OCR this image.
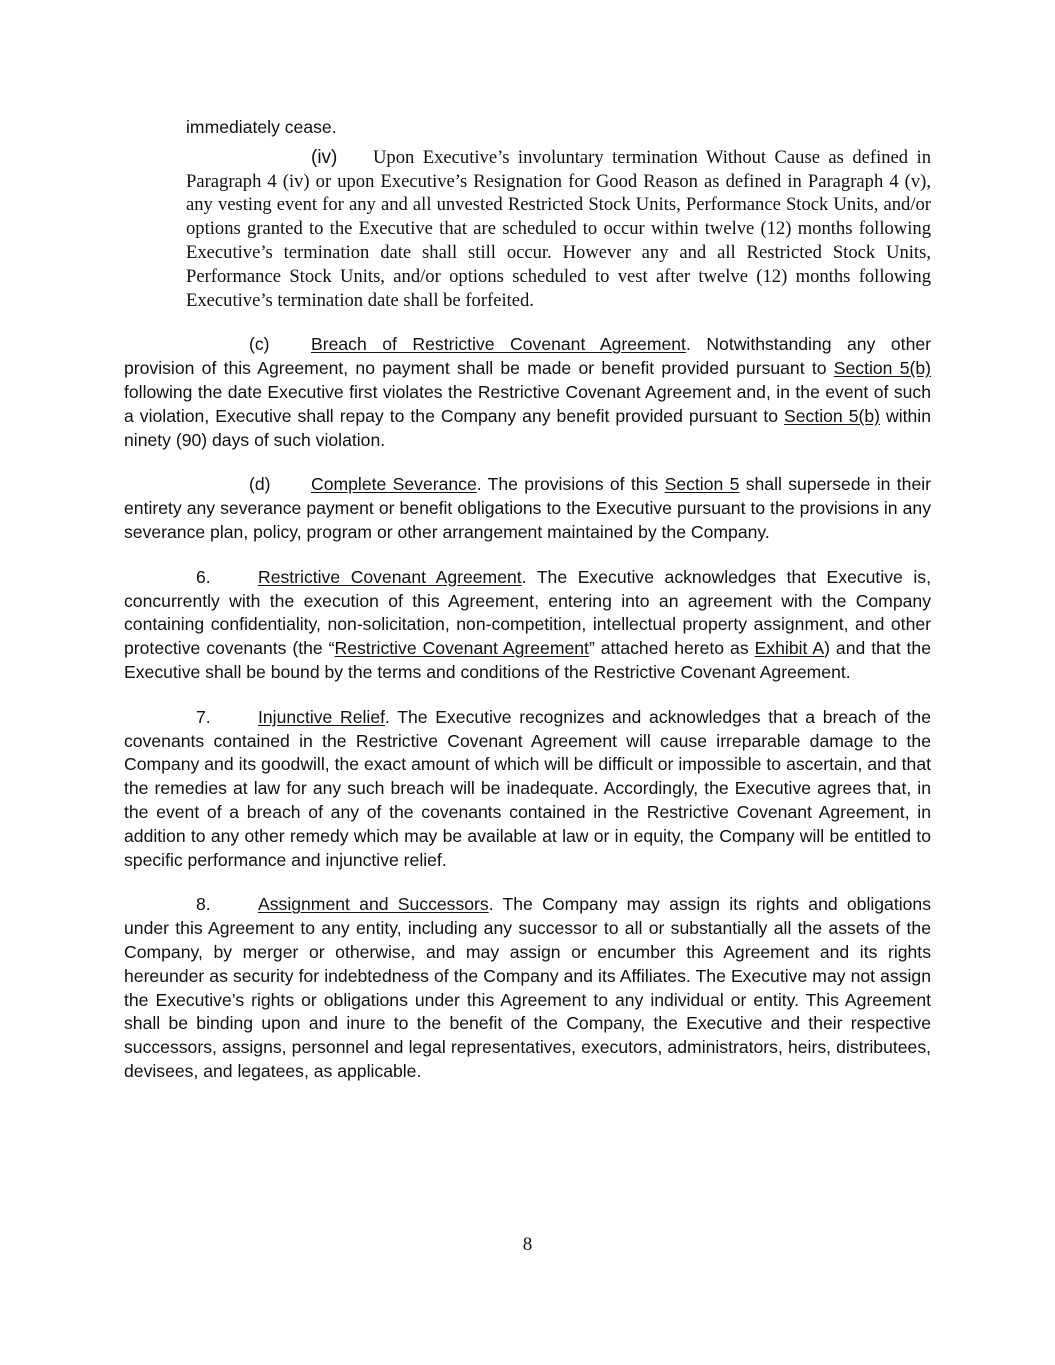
immediately cease.

(iv) Upon Executive’s involuntary termination Without Cause as defined in Paragraph 4 (iv) or upon Executive’s Resignation for Good Reason as defined in Paragraph 4 (v), any vesting event for any and all unvested Restricted Stock Units, Performance Stock Units, and/or options granted to the Executive that are scheduled to occur within twelve (12) months following Executive’s termination date shall still occur. However any and all Restricted Stock Units, Performance Stock Units, and/or options scheduled to vest after twelve (12) months following Executive’s termination date shall be forfeited.

(c) Breach of Restrictive Covenant Agreement. Notwithstanding any other provision of this Agreement, no payment shall be made or benefit provided pursuant to Section 5(b) following the date Executive first violates the Restrictive Covenant Agreement and, in the event of such a violation, Executive shall repay to the Company any benefit provided pursuant to Section 5(b) within ninety (90) days of such violation.

(d) Complete Severance. The provisions of this Section 5 shall supersede in their entirety any severance payment or benefit obligations to the Executive pursuant to the provisions in any severance plan, policy, program or other arrangement maintained by the Company.

6.	Restrictive Covenant Agreement. The Executive acknowledges that Executive is, concurrently with the execution of this Agreement, entering into an agreement with the Company containing confidentiality, non-solicitation, non-competition, intellectual property assignment, and other protective covenants (the “Restrictive Covenant Agreement” attached hereto as Exhibit A) and that the Executive shall be bound by the terms and conditions of the Restrictive Covenant Agreement.

7.	Injunctive Relief. The Executive recognizes and acknowledges that a breach of the covenants contained in the Restrictive Covenant Agreement will cause irreparable damage to the Company and its goodwill, the exact amount of which will be difficult or impossible to ascertain, and that the remedies at law for any such breach will be inadequate. Accordingly, the Executive agrees that, in the event of a breach of any of the covenants contained in the Restrictive Covenant Agreement, in addition to any other remedy which may be available at law or in equity, the Company will be entitled to specific performance and injunctive relief.

8.	Assignment and Successors. The Company may assign its rights and obligations under this Agreement to any entity, including any successor to all or substantially all the assets of the Company, by merger or otherwise, and may assign or encumber this Agreement and its rights hereunder as security for indebtedness of the Company and its Affiliates. The Executive may not assign the Executive’s rights or obligations under this Agreement to any individual or entity. This Agreement shall be binding upon and inure to the benefit of the Company, the Executive and their respective successors, assigns, personnel and legal representatives, executors, administrators, heirs, distributees, devisees, and legatees, as applicable.

8
